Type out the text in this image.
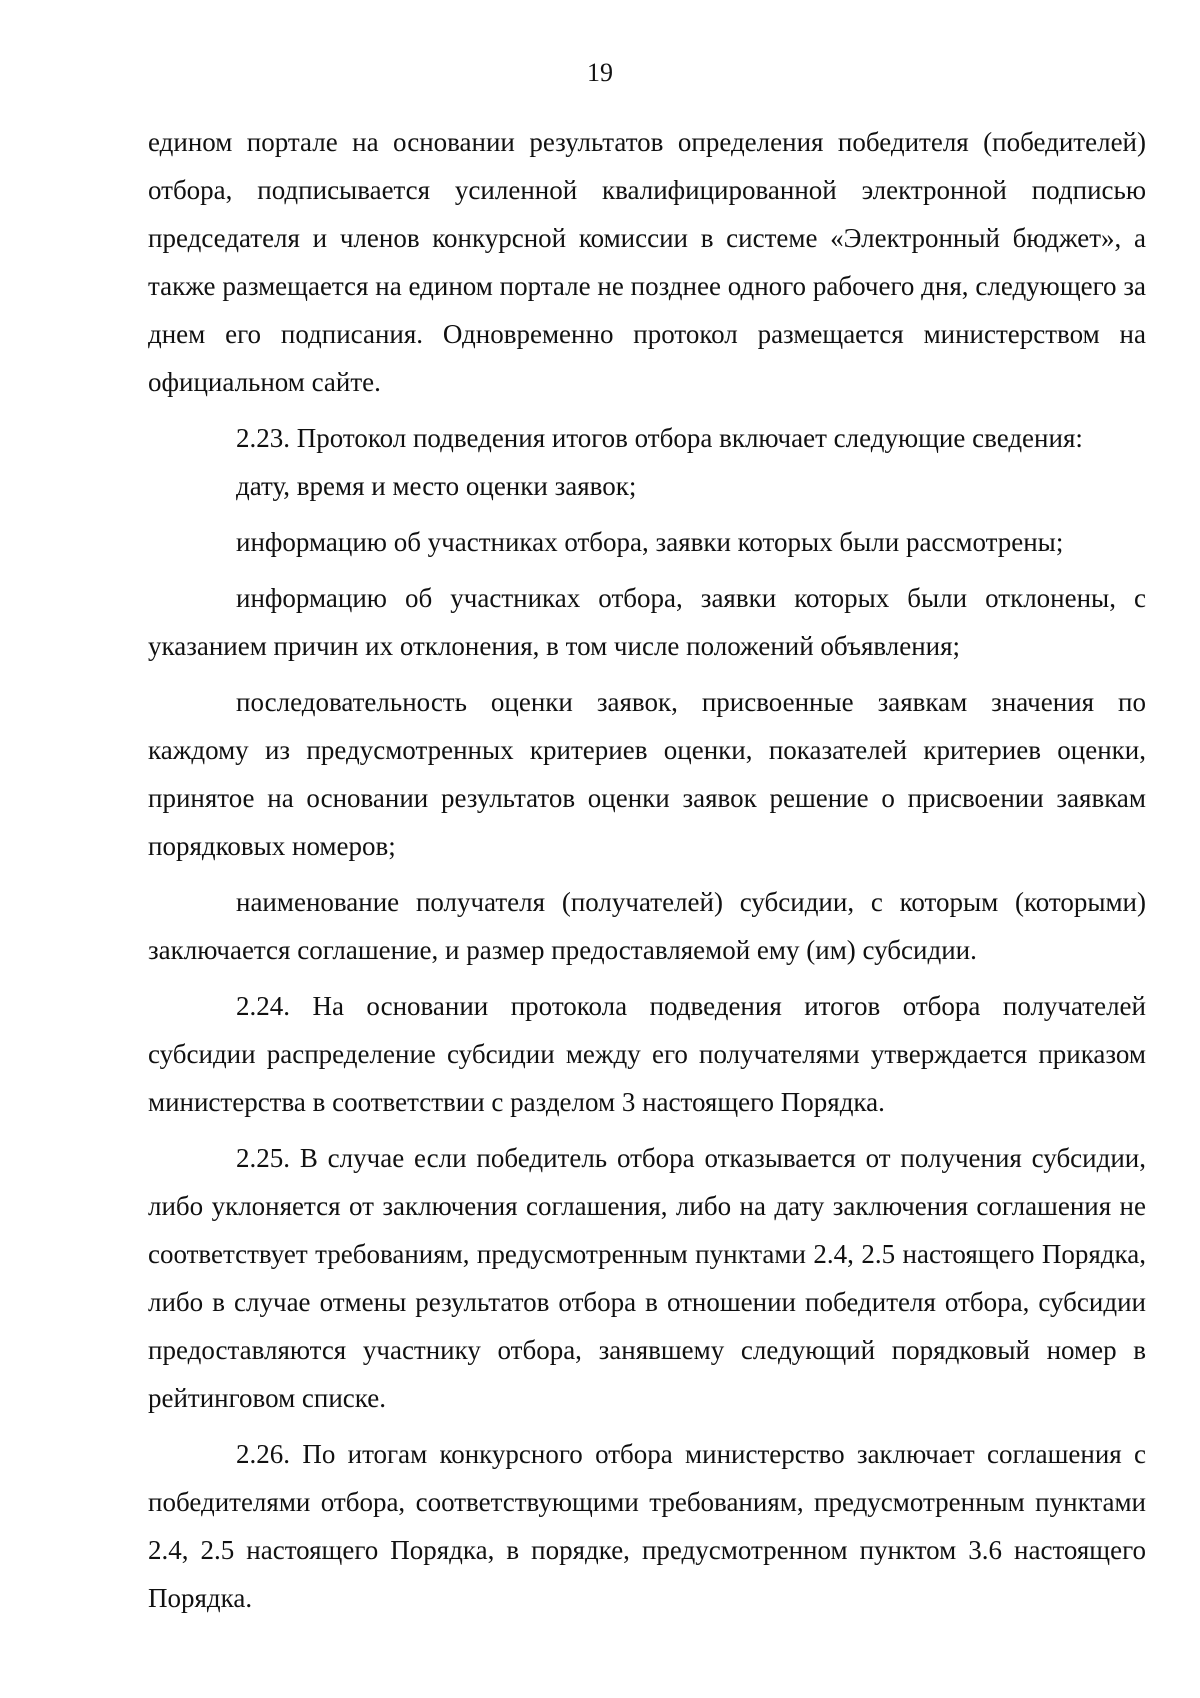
19

едином портале на основании результатов определения победителя (победителей) отбора, подписывается усиленной квалифицированной электронной подписью председателя и членов конкурсной комиссии в системе «Электронный бюджет», а также размещается на едином портале не позднее одного рабочего дня, следующего за днем его подписания. Одновременно протокол размещается министерством на официальном сайте.

2.23. Протокол подведения итогов отбора включает следующие сведения:

дату, время и место оценки заявок;

информацию об участниках отбора, заявки которых были рассмотрены;

информацию об участниках отбора, заявки которых были отклонены, с указанием причин их отклонения, в том числе положений объявления;

последовательность оценки заявок, присвоенные заявкам значения по каждому из предусмотренных критериев оценки, показателей критериев оценки, принятое на основании результатов оценки заявок решение о присвоении заявкам порядковых номеров;

наименование получателя (получателей) субсидии, с которым (которыми) заключается соглашение, и размер предоставляемой ему (им) субсидии.

2.24. На основании протокола подведения итогов отбора получателей субсидии распределение субсидии между его получателями утверждается приказом министерства в соответствии с разделом 3 настоящего Порядка.

2.25. В случае если победитель отбора отказывается от получения субсидии, либо уклоняется от заключения соглашения, либо на дату заключения соглашения не соответствует требованиям, предусмотренным пунктами 2.4, 2.5 настоящего Порядка, либо в случае отмены результатов отбора в отношении победителя отбора, субсидии предоставляются участнику отбора, занявшему следующий порядковый номер в рейтинговом списке.

2.26. По итогам конкурсного отбора министерство заключает соглашения с победителями отбора, соответствующими требованиям, предусмотренным пунктами 2.4, 2.5 настоящего Порядка, в порядке, предусмотренном пунктом 3.6 настоящего Порядка.
